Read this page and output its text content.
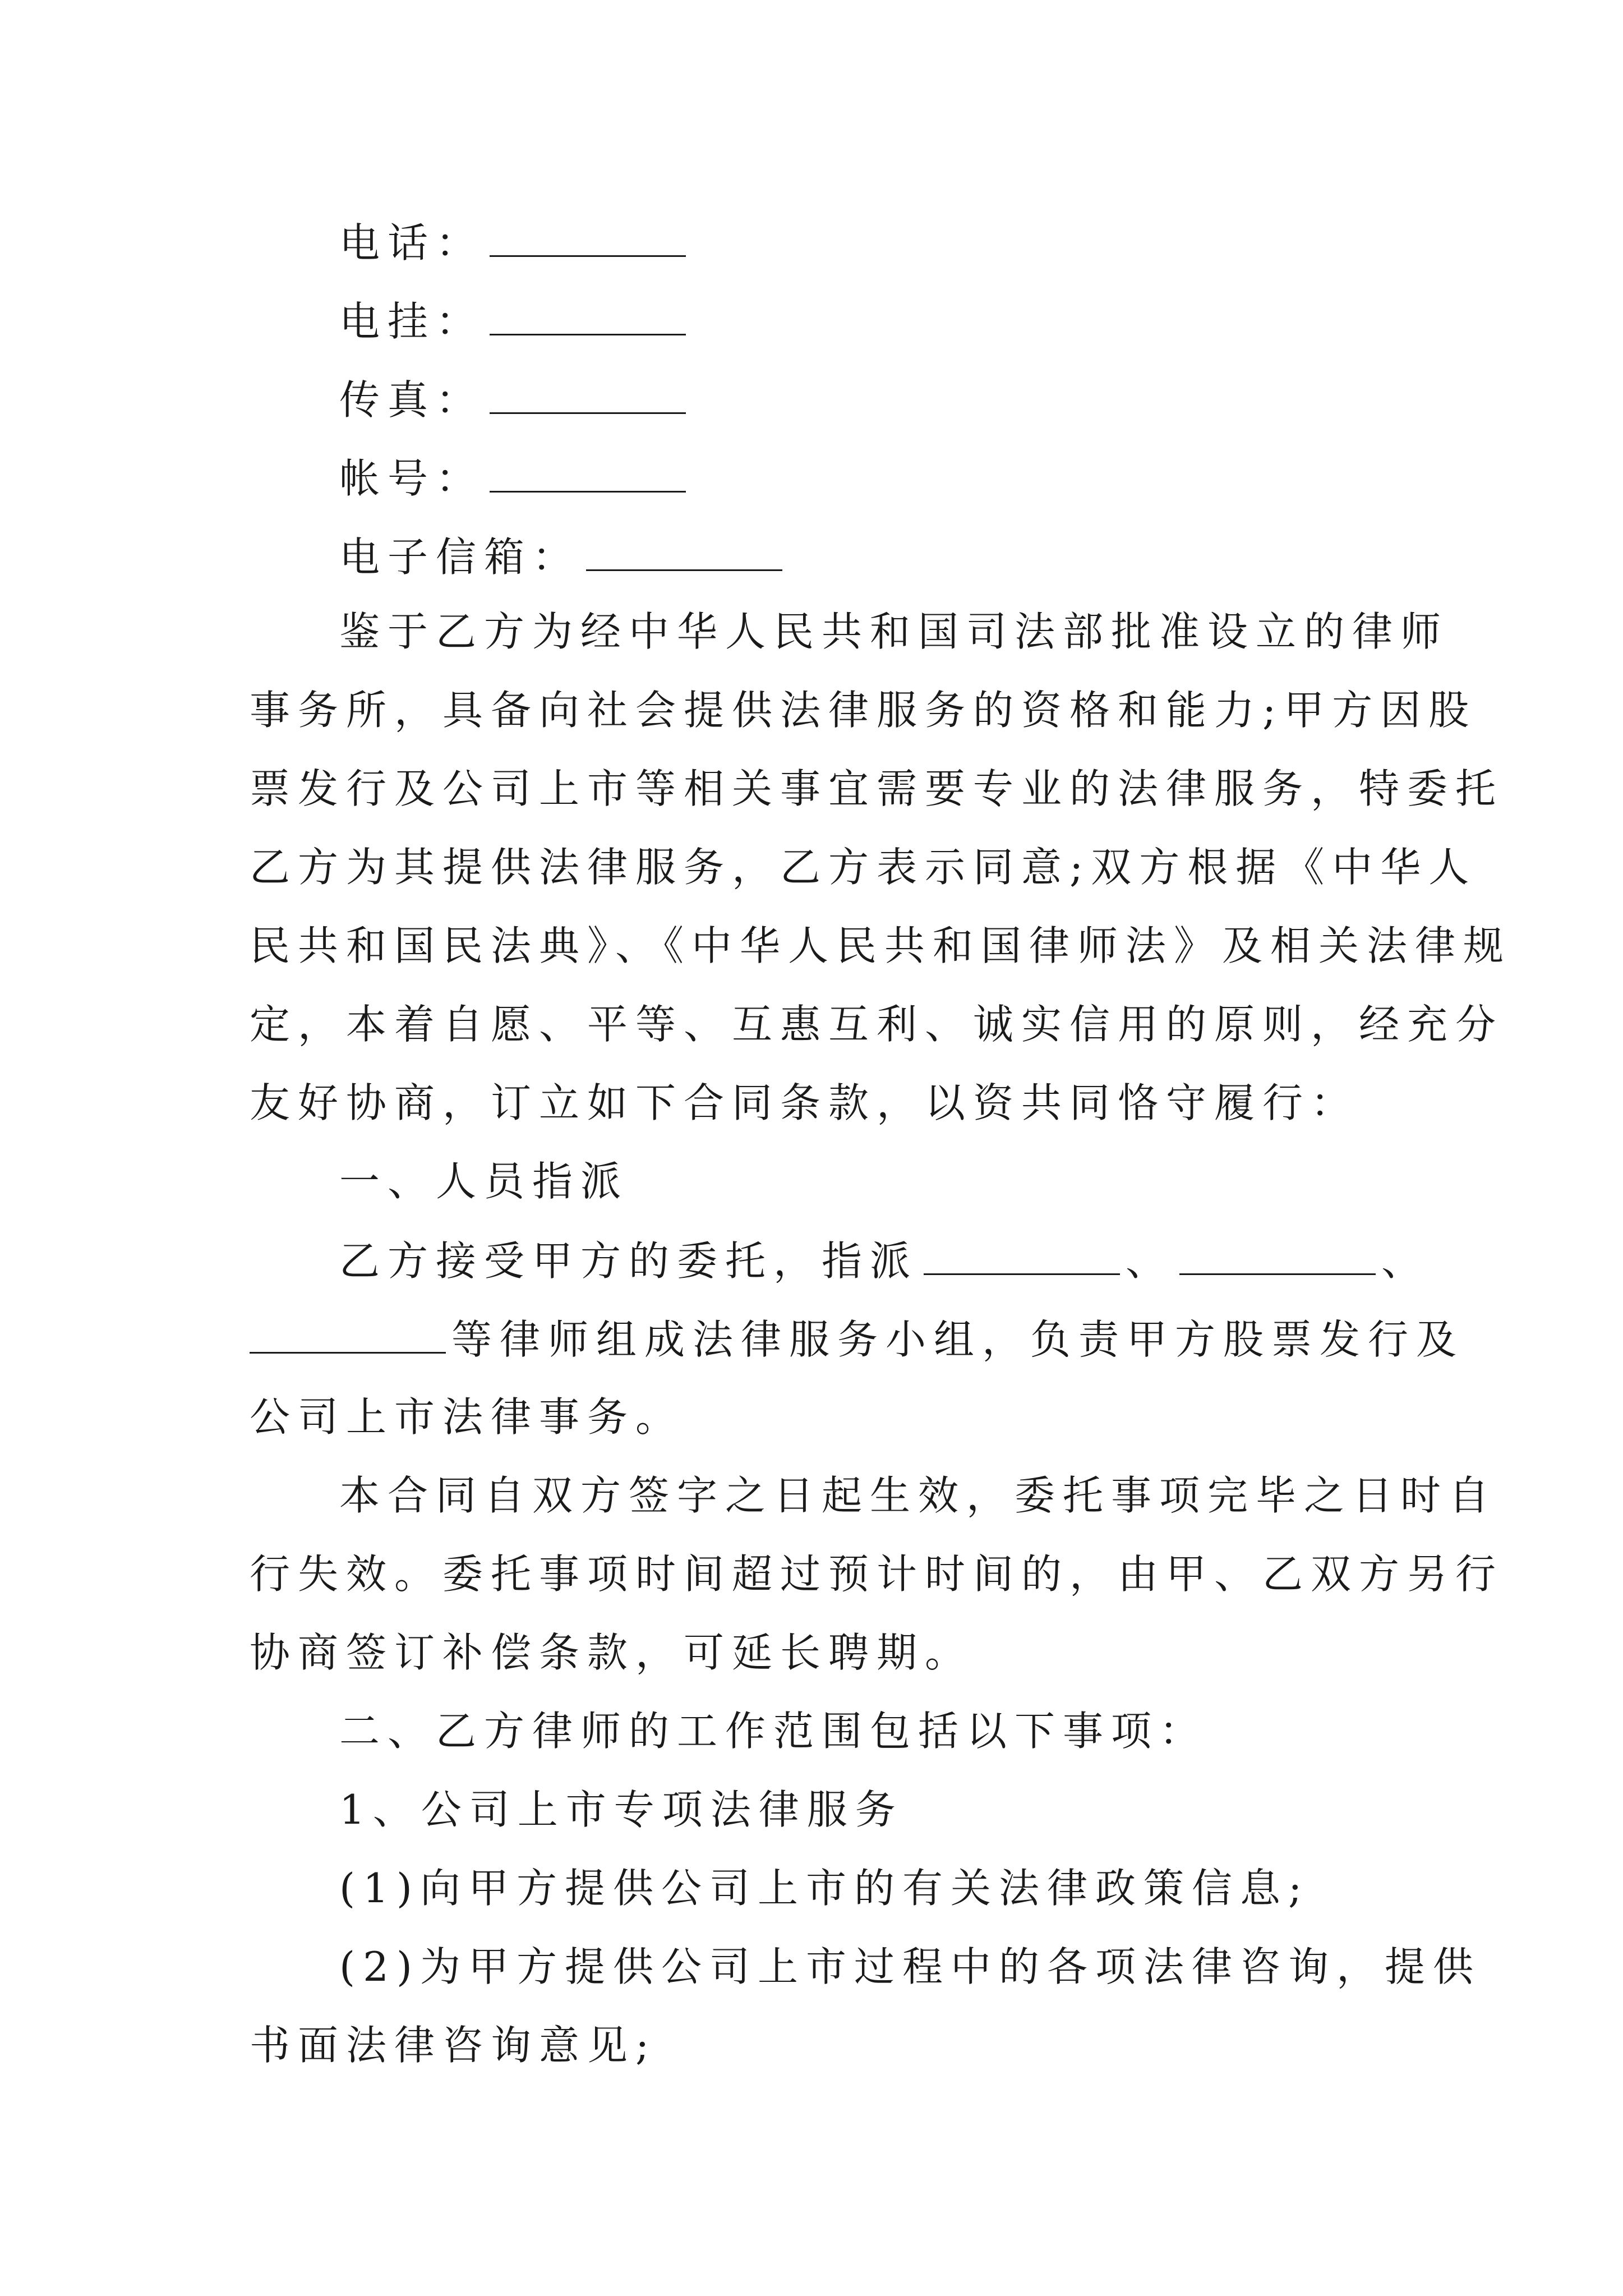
电话：
电挂：
传真：
帐号：
电子信箱：
鉴于乙方为经中华人民共和国司法部批准设立的律师
事务所，具备向社会提供法律服务的资格和能力;甲方因股
票发行及公司上市等相关事宜需要专业的法律服务，特委托
乙方为其提供法律服务，乙方表示同意;双方根据《中华人
民共和国民法典》、《中华人民共和国律师法》及相关法律规
定，本着自愿、平等、互惠互利、诚实信用的原则，经充分
友好协商，订立如下合同条款，以资共同恪守履行：
一、人员指派
乙方接受甲方的委托，指派	、	、
等律师组成法律服务小组，负责甲方股票发行及
公司上市法律事务。
本合同自双方签字之日起生效，委托事项完毕之日时自
行失效。委托事项时间超过预计时间的，由甲、乙双方另行
协商签订补偿条款，可延长聘期。
二、乙方律师的工作范围包括以下事项：
1、公司上市专项法律服务
(1)向甲方提供公司上市的有关法律政策信息;
(2)为甲方提供公司上市过程中的各项法律咨询，提供
书面法律咨询意见;
